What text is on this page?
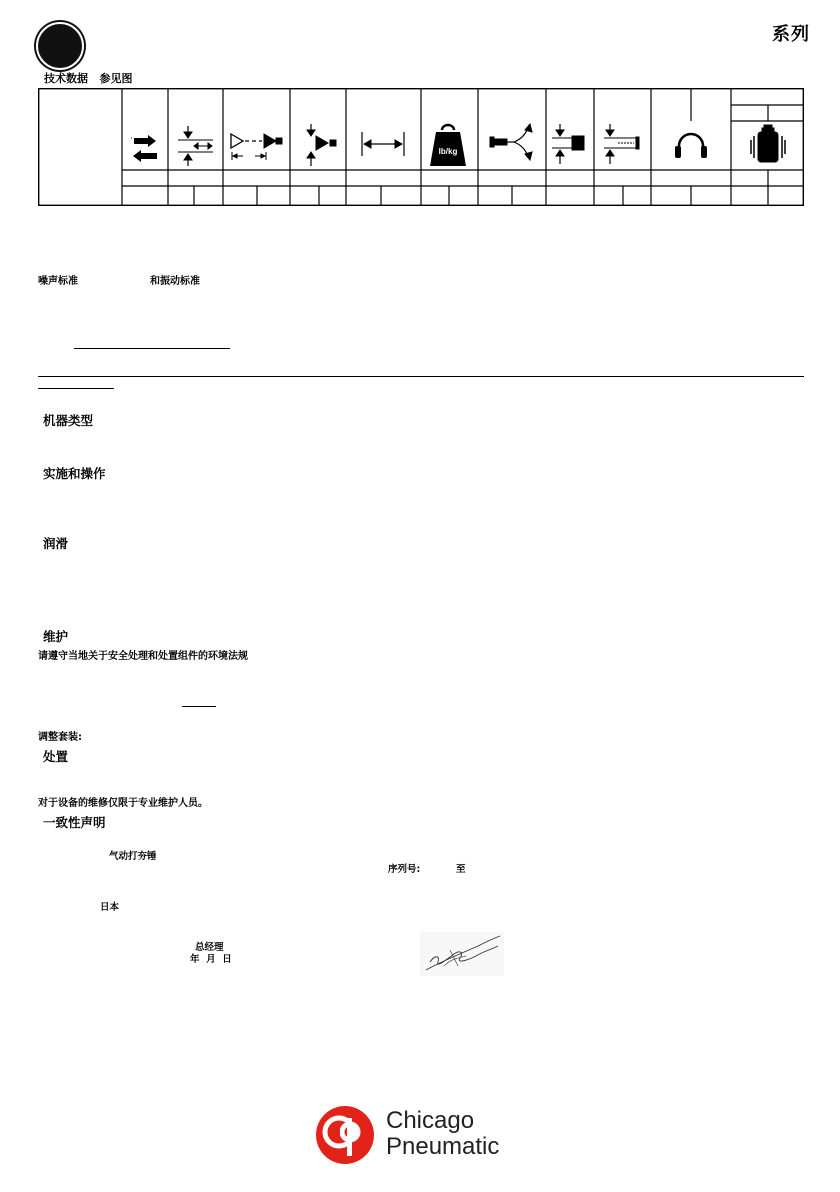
系列
技术数据 参见图
lb/kg
噪声标准	和振动标准
机器类型
实施和操作
润滑
维护
请遵守当地关于安全处理和处置组件的环境法规
调整套装:
处置
对于设备的维修仅限于专业维护人员。
一致性声明
气动打夯锤
序列号:	至
日本
总经理
年 月 日
Chicago
Pneumatic
